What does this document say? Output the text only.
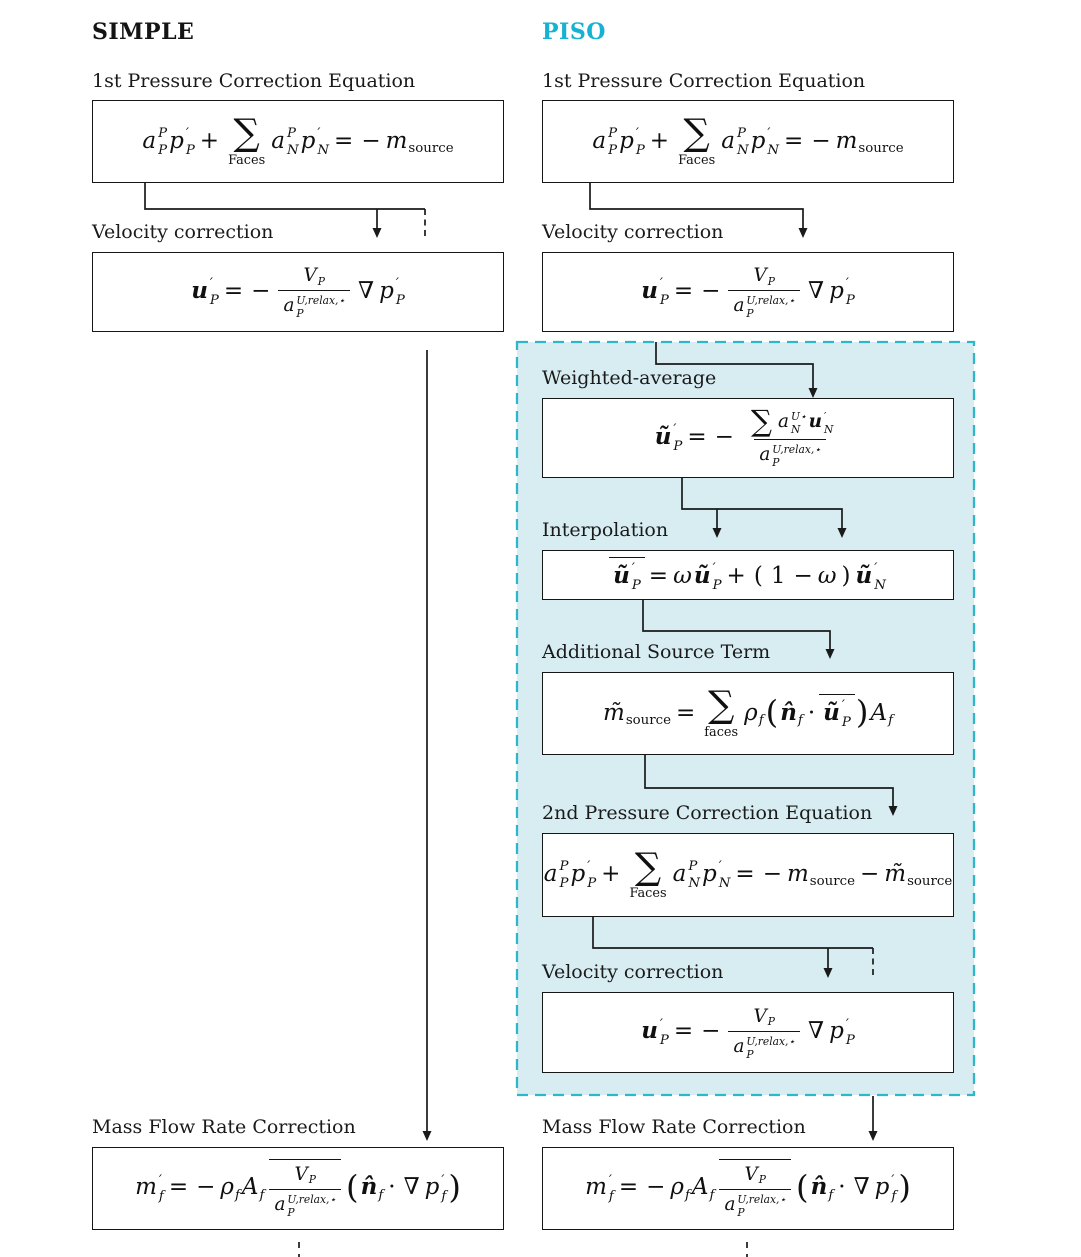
SIMPLE	PISO
1st Pressure Correction Equation	1st Pressure Correction Equation
Velocity correction	Velocity correction
Weighted-average
Interpolation
Additional Source Term
2nd Pressure Correction Equation
Velocity correction
Mass Flow Rate Correction	Mass Flow Rate Correction
a P
P p ′
P + ∑
Faces
a P
N p ′
N = − $m_{source}$	a P
P p ′
P + ∑
Faces
a P
N p ′
N = − $m_{source}$
u ′
P = − $V_P$
a U,relax,⋆
P ∇ p ′
P	u ′
P = − $V_P$
a U,relax,⋆
P ∇ p ′
P
ũ ′
P = − ∑ a U⋆
N u ′
N
a U,relax,⋆
P
ũ ′
P = ωũ ′
P + ( 1 − ω ) ũ ′
N
$m̃_{source}$ = ∑
faces
$\rho_f(n̂_f$ · ũ ′
P )$A_f$
a P
P p ′
P + ∑
Faces
a P
N p ′
N = − $m_{source}$ − $m̃_{source}$
u ′
P = − $V_P$
a U,relax,⋆
P ∇ p ′
P
m ′
f = − $\rho_fA_f$ $V_P$
a U,relax,⋆
P ($n̂_f$ · ∇ p ′
f )	m ′
f = − $\rho_fA_f$ $V_P$
a U,relax,⋆
P ($n̂_f$ · ∇ p ′
f )
